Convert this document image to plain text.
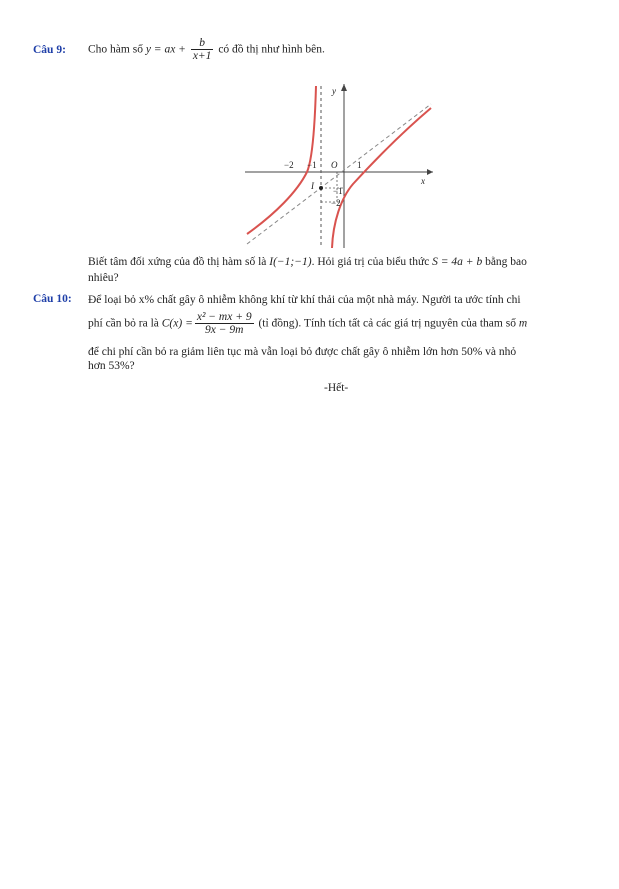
Câu 9: Cho hàm số y = ax + $\frac{b}{x+1}$ có đồ thị như hình bên.
y
x
O
−2 −1	1
I −1
−2
Biết tâm đối xứng của đồ thị hàm số là I(−1;−1). Hỏi giá trị của biểu thức S = 4a + b bằng bao
nhiêu?
Câu 10: Để loại bỏ x% chất gây ô nhiễm không khí từ khí thải của một nhà máy. Người ta ước tính chi
phí cần bỏ ra là $C(x) = \frac{\text{x² − mx + 9}}{9x - 9m}$ (tỉ đồng). Tính tích tất cả các giá trị nguyên của tham số m
để chi phí cần bỏ ra giảm liên tục mà vẫn loại bỏ được chất gây ô nhiễm lớn hơn 50% và nhỏ
hơn 53%?
-Hết-
